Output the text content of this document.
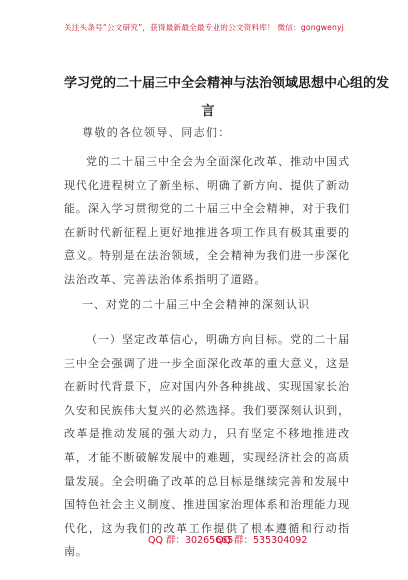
关注头条号“公文研究”，获得最新最全最专业的公文资料库！ 微信：gongwenyj
学习党的二十届三中全会精神与法治领域思想中心组的发
言
尊敬的各位领导、同志们：
党的二十届三中全会为全面深化改革、推动中国式现代化进程树立了新坐标、明确了新方向、提供了新动能。深入学习贯彻党的二十届三中全会精神，对于我们在新时代新征程上更好地推进各项工作具有极其重要的意义。特别是在法治领域，全会精神为我们进一步深化法治改革、完善法治体系指明了道路。
一、对党的二十届三中全会精神的深刻认识
（一）坚定改革信心，明确方向目标。党的二十届三中全会强调了进一步全面深化改革的重大意义，这是在新时代背景下，应对国内外各种挑战、实现国家长治久安和民族伟大复兴的必然选择。我们要深刻认识到，改革是推动发展的强大动力，只有坚定不移地推进改革，才能不断破解发展中的难题，实现经济社会的高质量发展。全会明确了改革的总目标是继续完善和发展中国特色社会主义制度、推进国家治理体系和治理能力现代化，这为我们的改革工作提供了根本遵循和行动指南。
QQ 群：30265665
QQ 群：535304092
